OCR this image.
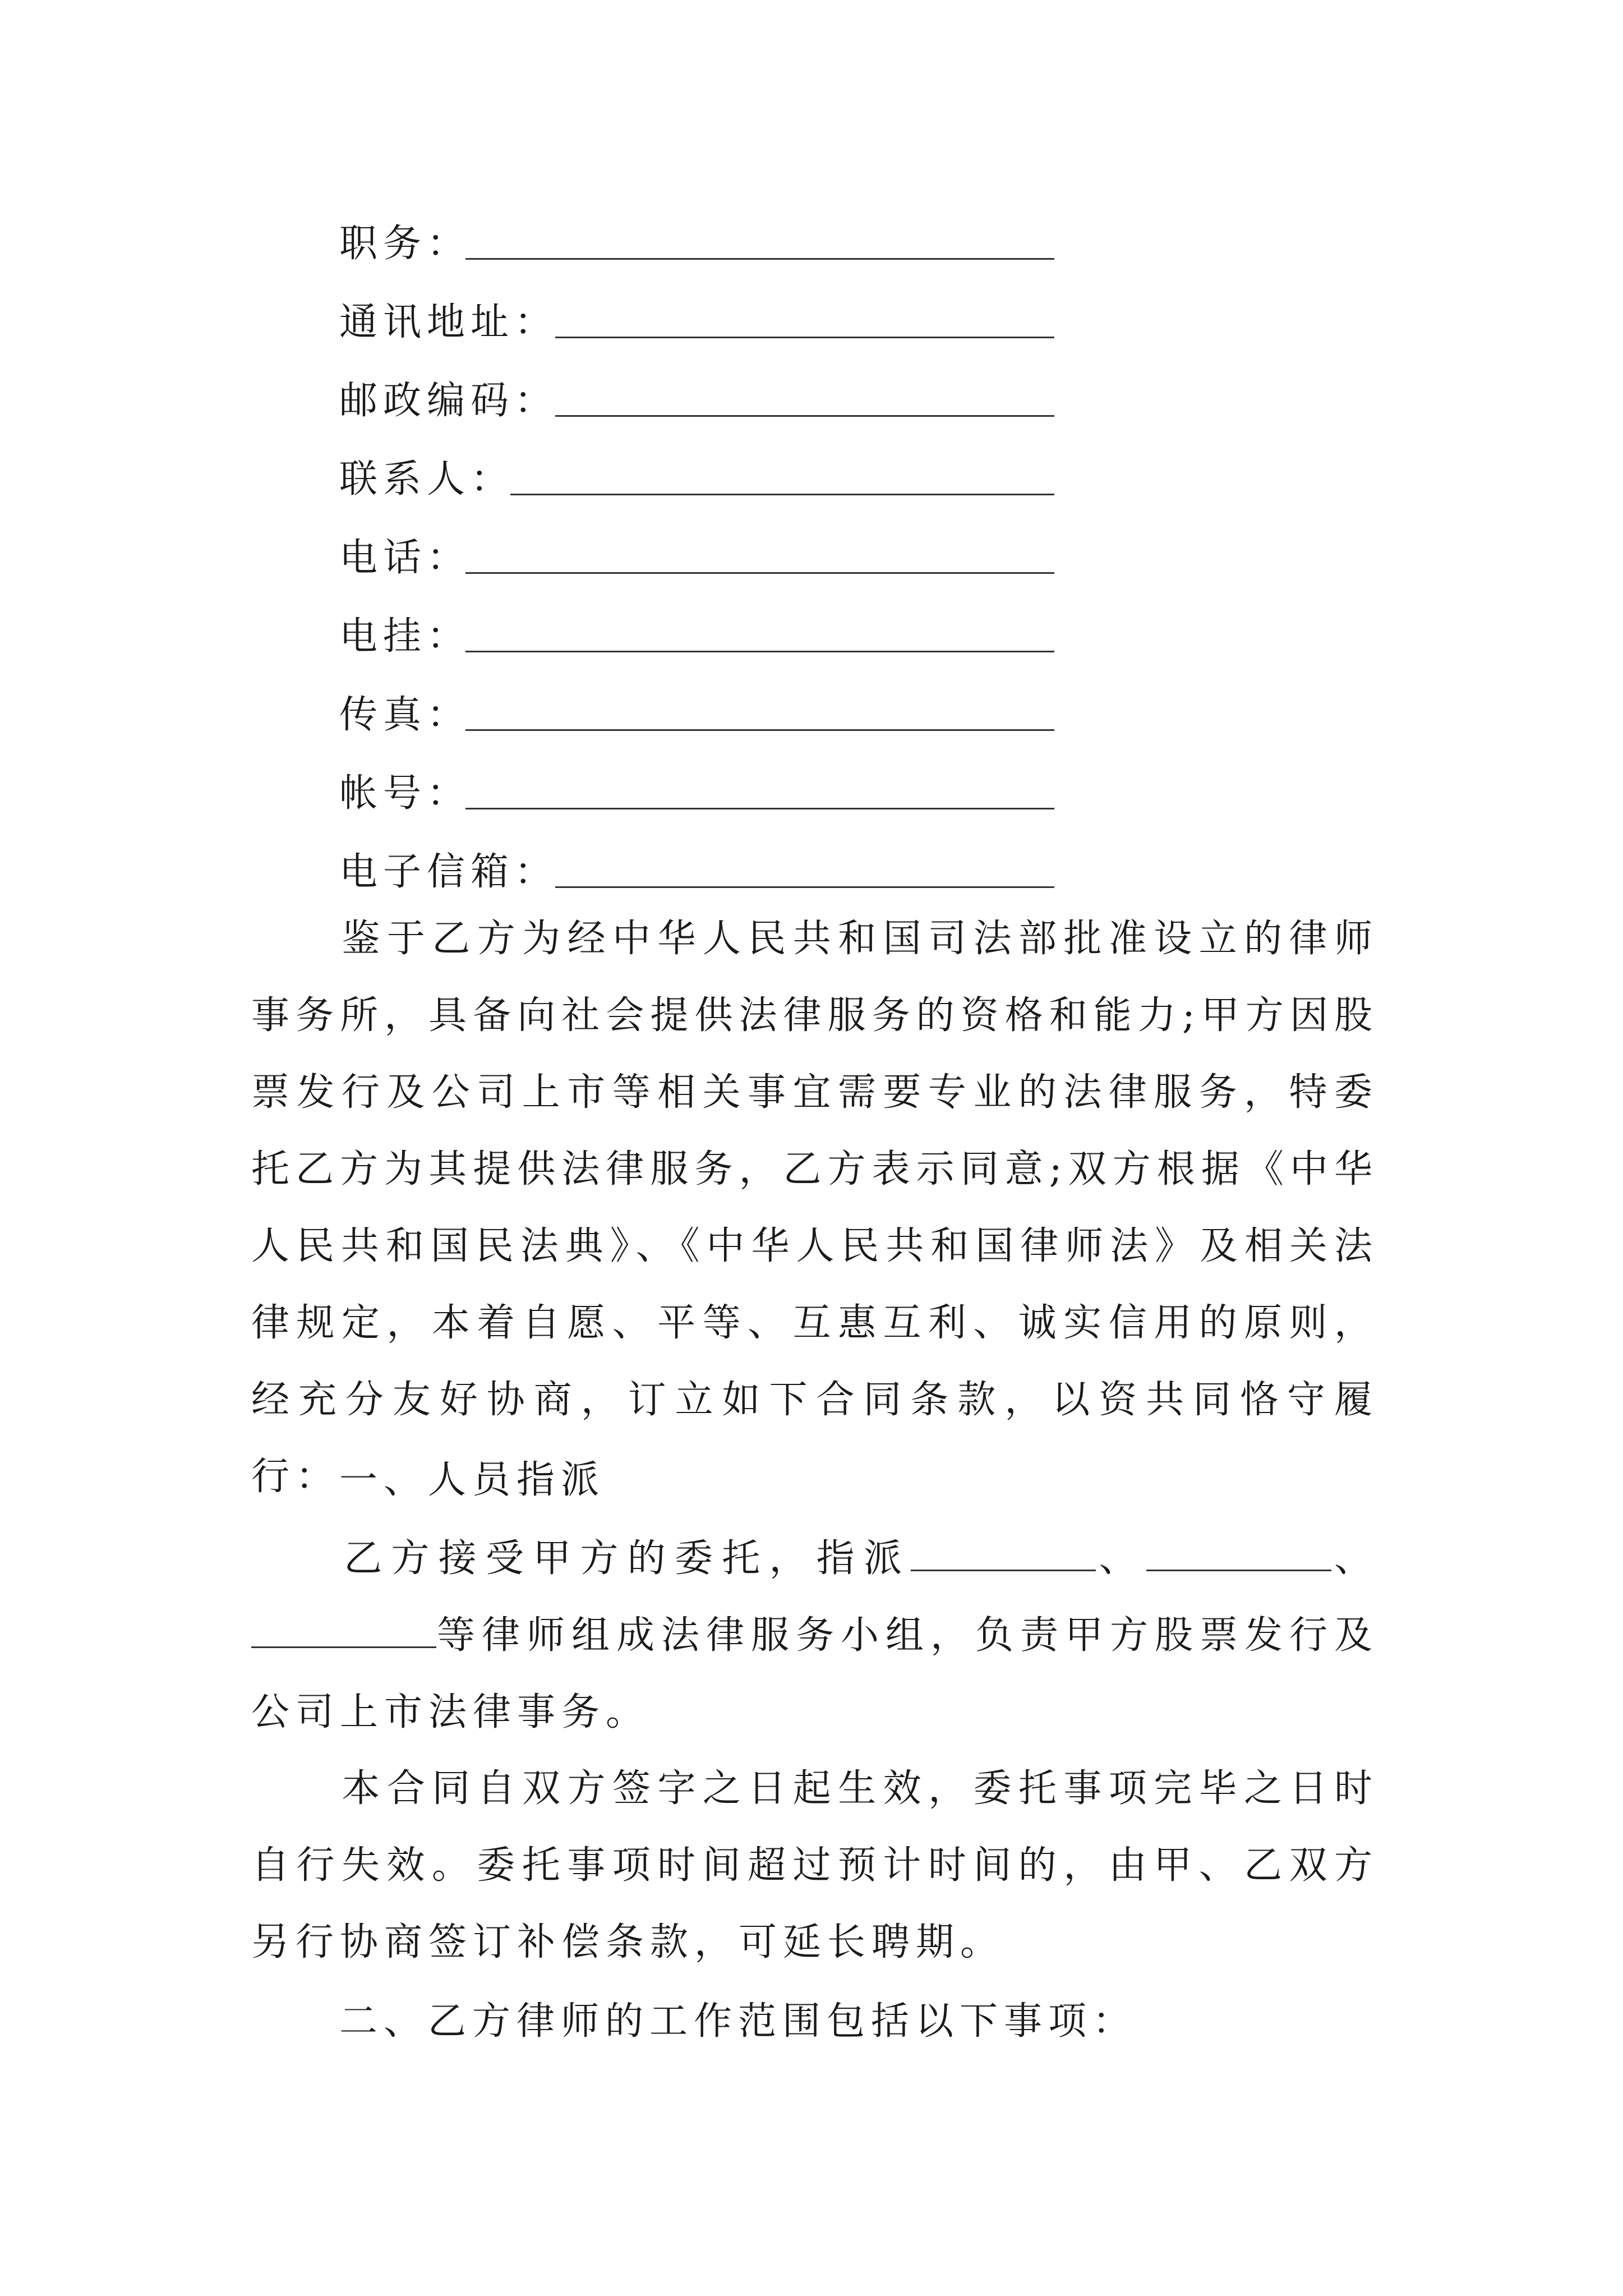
职务：
通讯地址：
邮政编码：
联系人：
电话：
电挂：
传真：
帐号：
电子信箱：
鉴于乙方为经中华人民共和国司法部批准设立的律师事务所，具备向社会提供法律服务的资格和能力;甲方因股票发行及公司上市等相关事宜需要专业的法律服务，特委托乙方为其提供法律服务，乙方表示同意;双方根据《中华人民共和国民法典》、《中华人民共和国律师法》及相关法律规定，本着自愿、平等、互惠互利、诚实信用的原则，经充分友好协商，订立如下合同条款，以资共同恪守履行：
一、人员指派
乙方接受甲方的委托，指派	、	、等律师组成法律服务小组，负责甲方股票发行及公司上市法律事务。
本合同自双方签字之日起生效，委托事项完毕之日时自行失效。委托事项时间超过预计时间的，由甲、乙双方另行协商签订补偿条款，可延长聘期。
二、乙方律师的工作范围包括以下事项：
